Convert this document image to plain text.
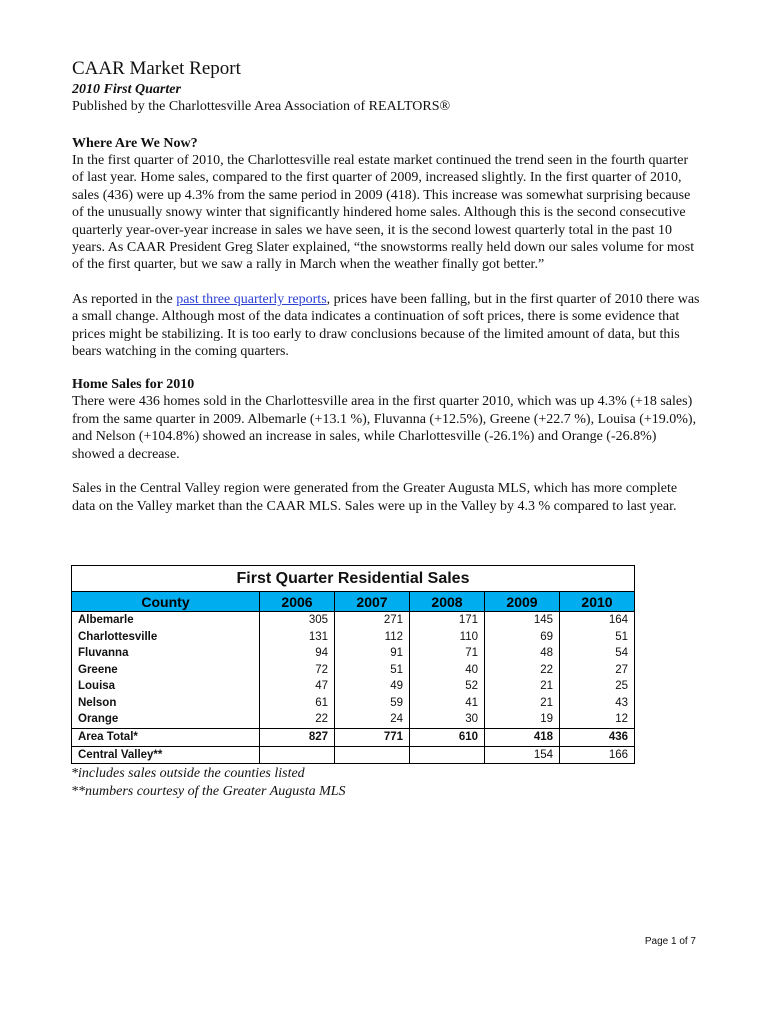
CAAR Market Report
2010 First Quarter
Published by the Charlottesville Area Association of REALTORS®
Where Are We Now?

In the first quarter of 2010, the Charlottesville real estate market continued the trend seen in the fourth quarter of last year. Home sales, compared to the first quarter of 2009, increased slightly. In the first quarter of 2010, sales (436) were up 4.3% from the same period in 2009 (418). This increase was somewhat surprising because of the unusually snowy winter that significantly hindered home sales. Although this is the second consecutive quarterly year-over-year increase in sales we have seen, it is the second lowest quarterly total in the past 10 years. As CAAR President Greg Slater explained, “the snowstorms really held down our sales volume for most of the first quarter, but we saw a rally in March when the weather finally got better.”

As reported in the past three quarterly reports, prices have been falling, but in the first quarter of 2010 there was a small change. Although most of the data indicates a continuation of soft prices, there is some evidence that prices might be stabilizing. It is too early to draw conclusions because of the limited amount of data, but this bears watching in the coming quarters.

Home Sales for 2010

There were 436 homes sold in the Charlottesville area in the first quarter 2010, which was up 4.3% (+18 sales) from the same quarter in 2009. Albemarle (+13.1 %), Fluvanna (+12.5%), Greene (+22.7 %), Louisa (+19.0%), and Nelson (+104.8%) showed an increase in sales, while Charlottesville (-26.1%) and Orange (-26.8%) showed a decrease.

Sales in the Central Valley region were generated from the Greater Augusta MLS, which has more complete data on the Valley market than the CAAR MLS. Sales were up in the Valley by 4.3 % compared to last year.

First Quarter Residential Sales
County	2006	2007	2008	2009	2010
Albemarle	305	271	171	145	164
Charlottesville	131	112	110	69	51
Fluvanna	94	91	71	48	54
Greene	72	51	40	22	27
Louisa	47	49	52	21	25
Nelson	61	59	41	21	43
Orange	22	24	30	19	12
Area Total*	827	771	610	418	436
Central Valley**				154	166
*includes sales outside the counties listed
**numbers courtesy of the Greater Augusta MLS
Page 1 of 7
